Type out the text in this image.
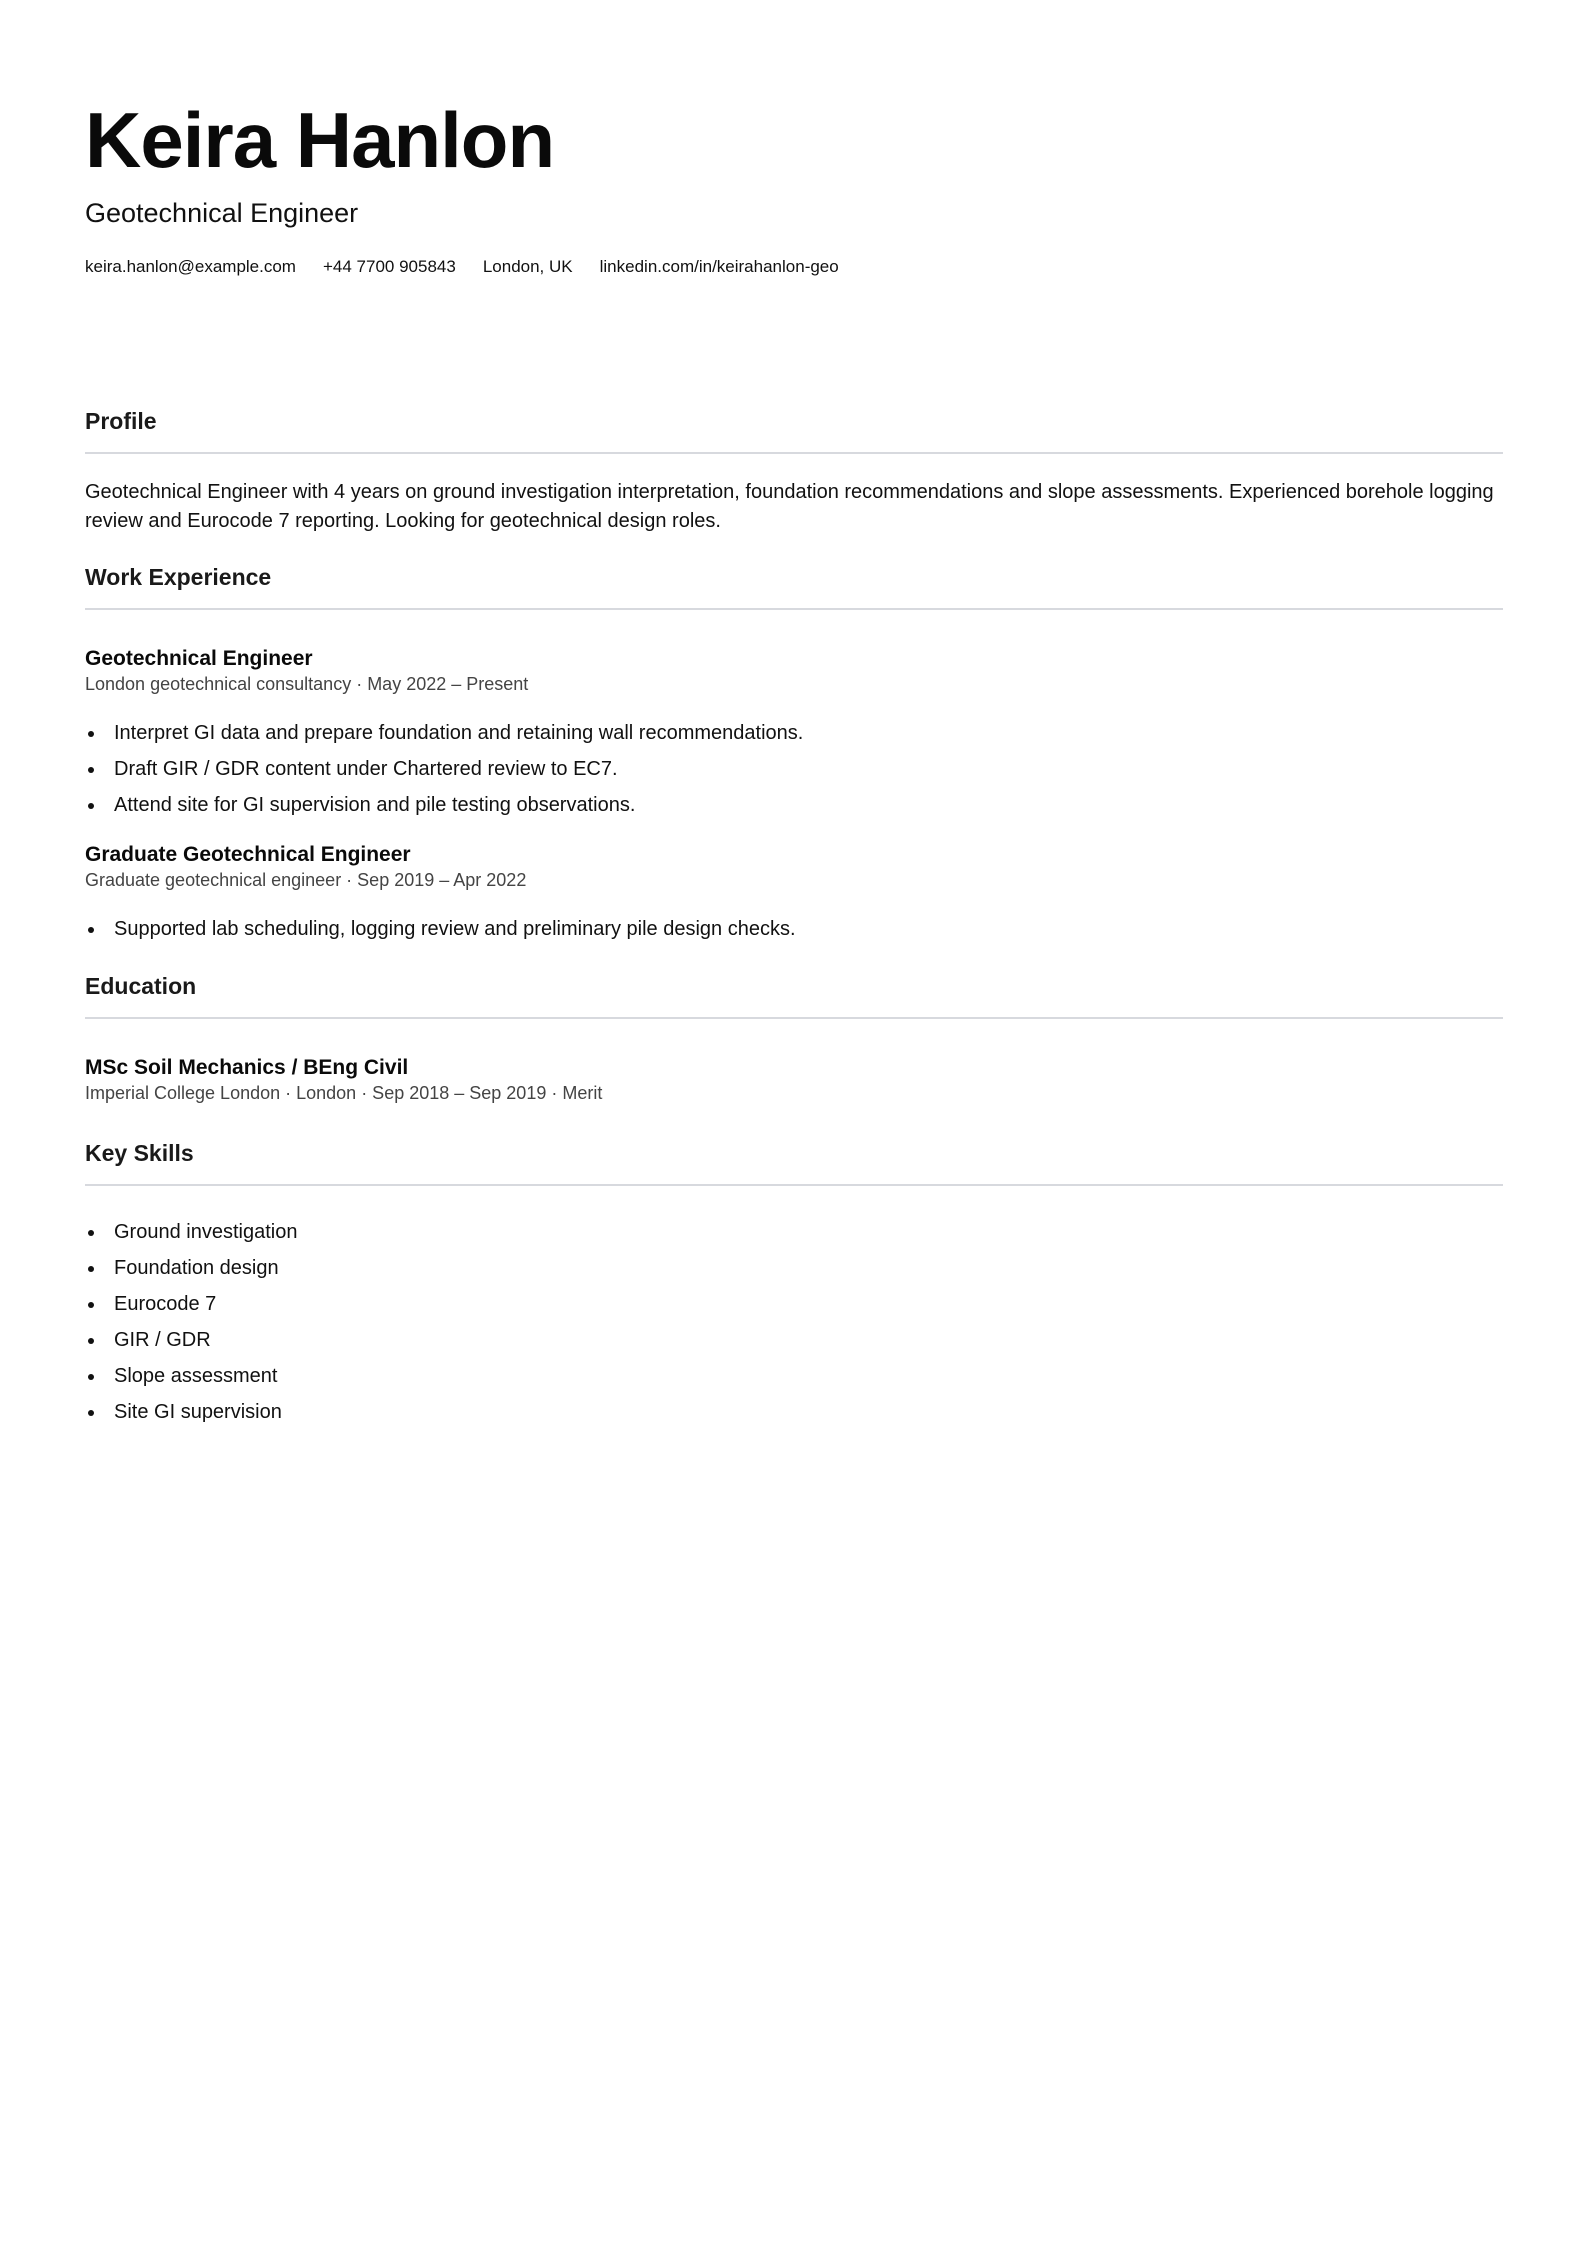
Keira Hanlon
Geotechnical Engineer
keira.hanlon@example.com +44 7700 905843 London, UK linkedin.com/in/keirahanlon-geo
Profile
Geotechnical Engineer with 4 years on ground investigation interpretation, foundation recommendations and slope assessments. Experienced borehole logging review and Eurocode 7 reporting. Looking for geotechnical design roles.
Work Experience
Geotechnical Engineer
London geotechnical consultancy · May 2022 – Present
Interpret GI data and prepare foundation and retaining wall recommendations.
Draft GIR / GDR content under Chartered review to EC7.
Attend site for GI supervision and pile testing observations.
Graduate Geotechnical Engineer
Graduate geotechnical engineer · Sep 2019 – Apr 2022
Supported lab scheduling, logging review and preliminary pile design checks.
Education
MSc Soil Mechanics / BEng Civil
Imperial College London · London · Sep 2018 – Sep 2019 · Merit
Key Skills
Ground investigation
Foundation design
Eurocode 7
GIR / GDR
Slope assessment
Site GI supervision
